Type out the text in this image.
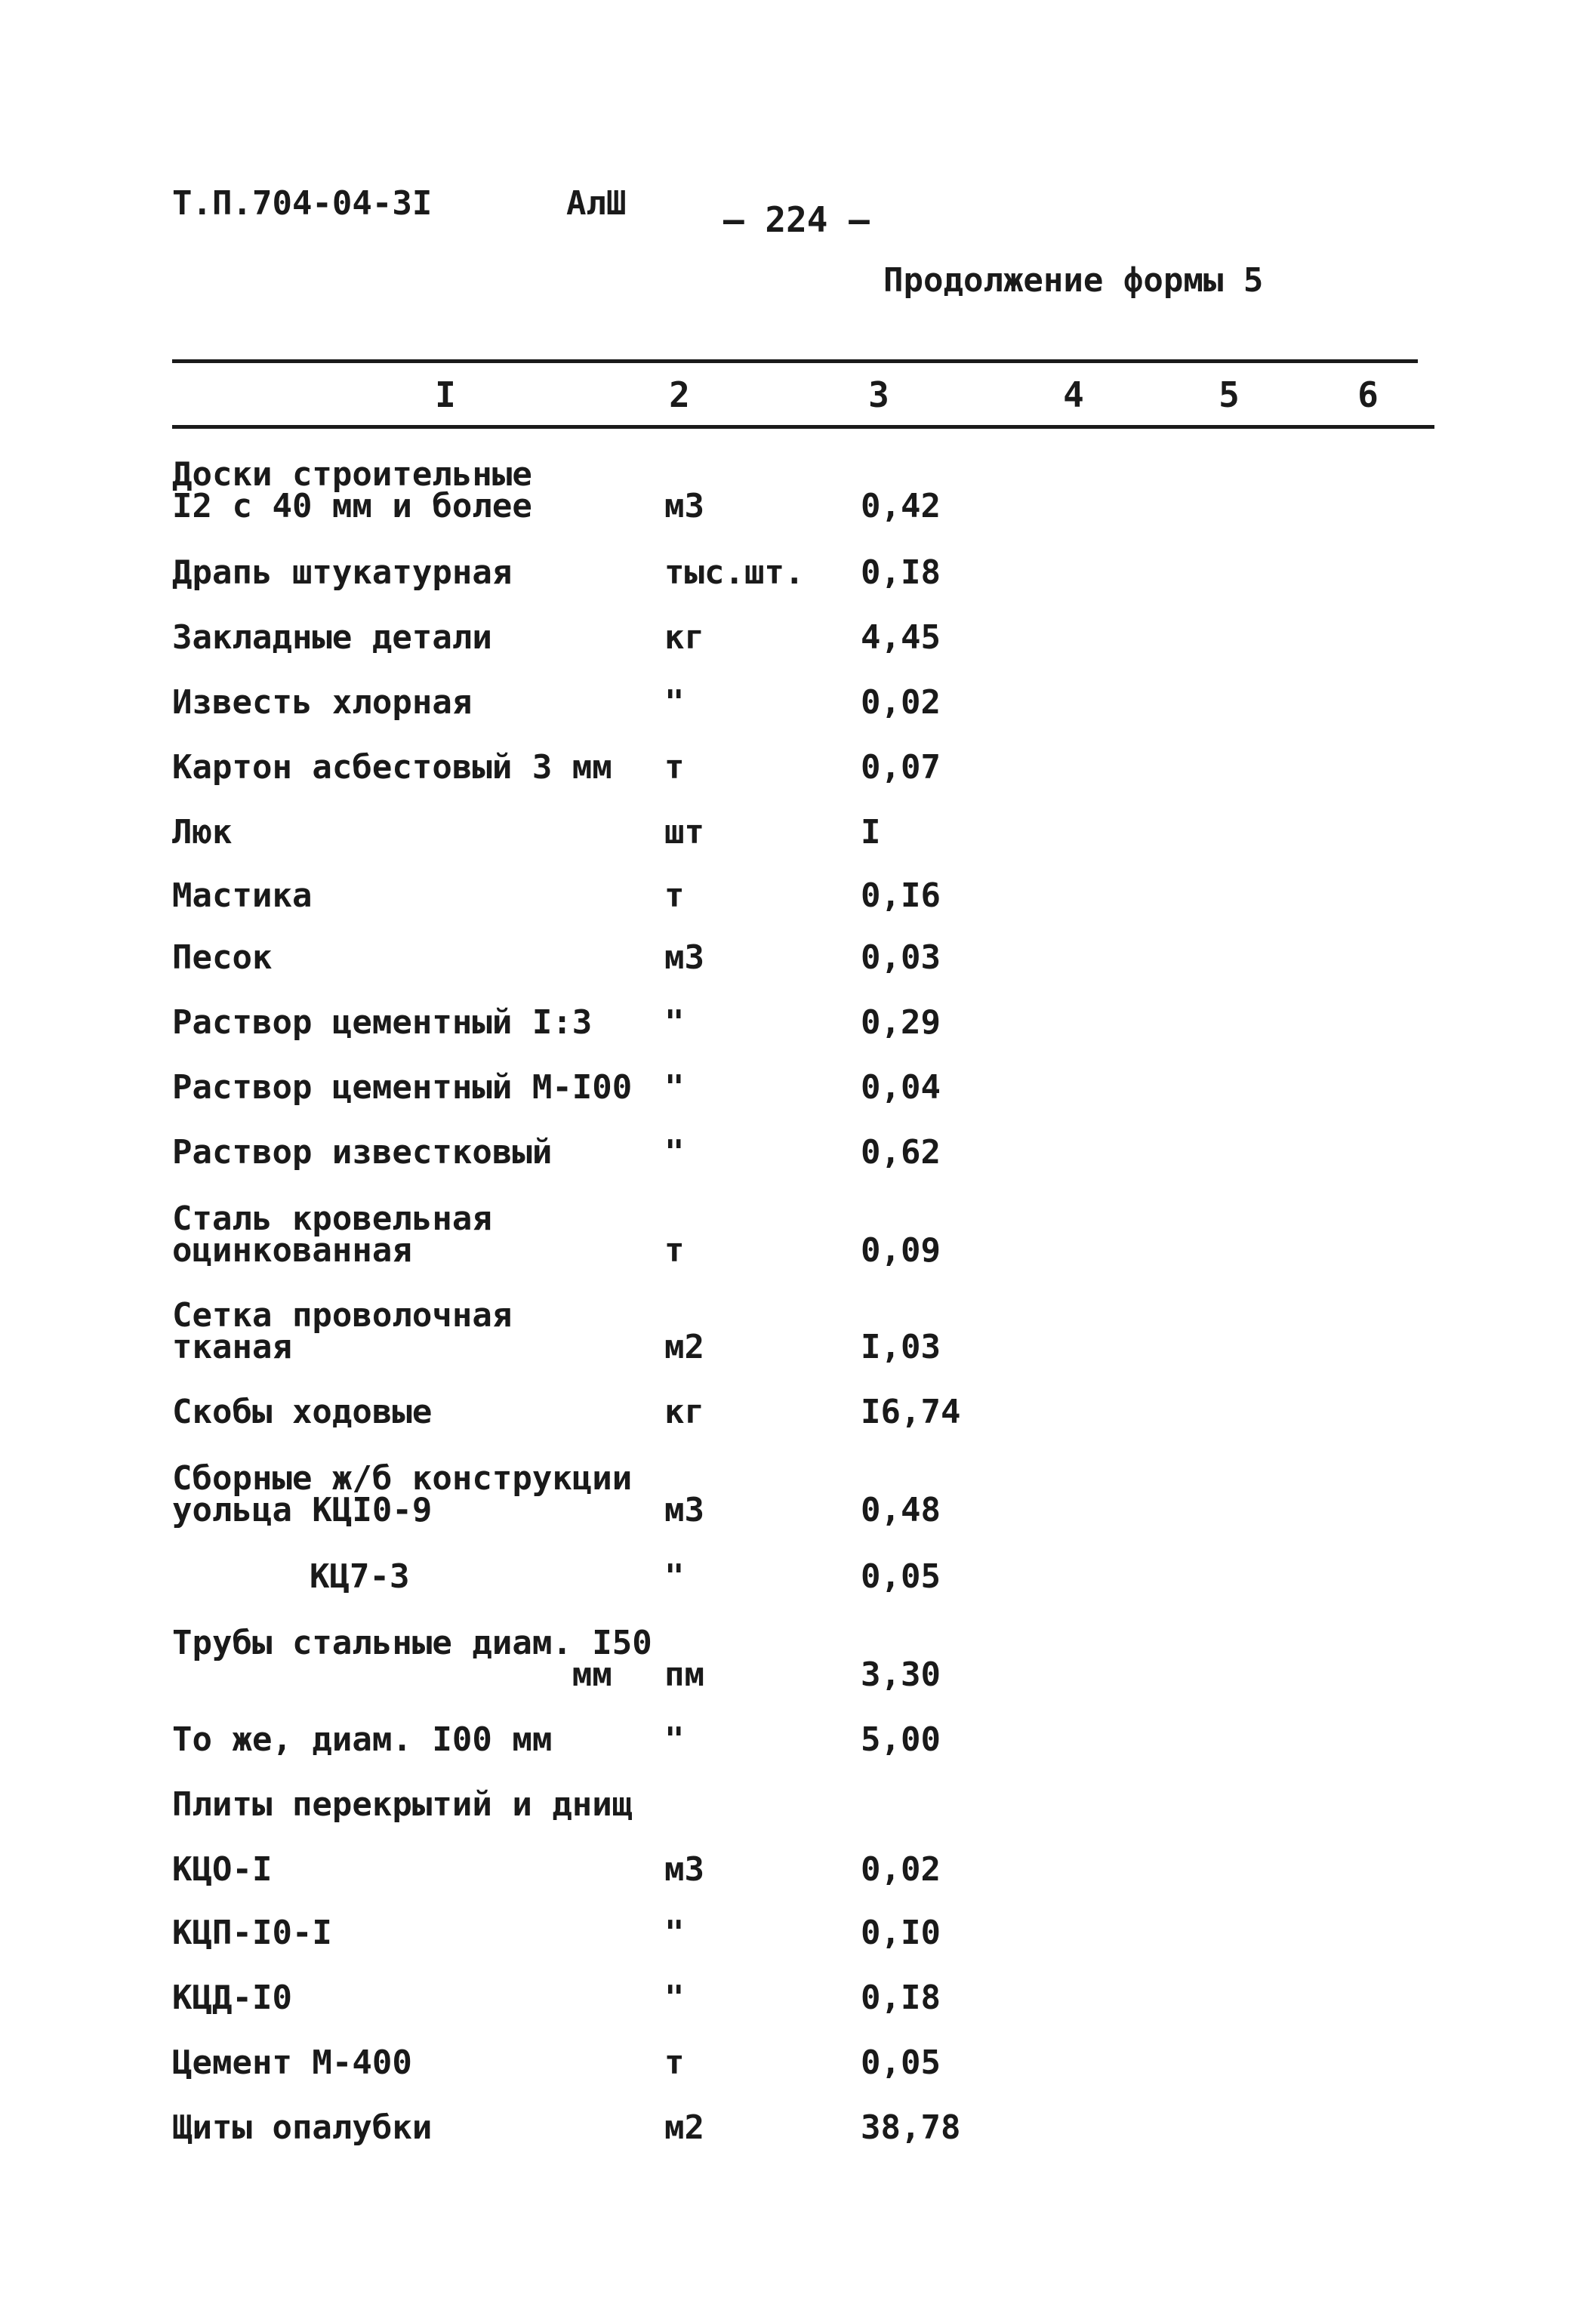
Т.П.704-04-3I	АлШ	— 224 —
Продолжение формы 5
I	2	3	4	5	6
Доски строительные
I2 с 40 мм и более	м3	0,42
Драпь штукатурная	тыс.шт. 0,I8
Закладные детали	кг	4,45
Известь хлорная	"	0,02
Картон асбестовый 3 мм т	0,07
Люк	шт	I
Мастика	т	0,I6
Песок	м3	0,03
Раствор цементный I:3 "	0,29
Раствор цементный М-I00 "	0,04
Раствор известковый	"	0,62
Сталь кровельная
оцинкованная	т	0,09
Сетка проволочная
тканая	м2	I,03
Скобы ходовые	кг	I6,74
Сборные ж/б конструкции
уольца КЦI0-9	м3	0,48
КЦ7-3	"	0,05
Трубы стальные диам. I50
мм	пм	3,30
То же, диам. I00 мм	"	5,00
Плиты перекрытий и днищ
КЦО-I	м3	0,02
КЦП-I0-I	"	0,I0
КЦД-I0	"	0,I8
Цемент М-400	т	0,05
Щиты опалубки	м2	38,78
